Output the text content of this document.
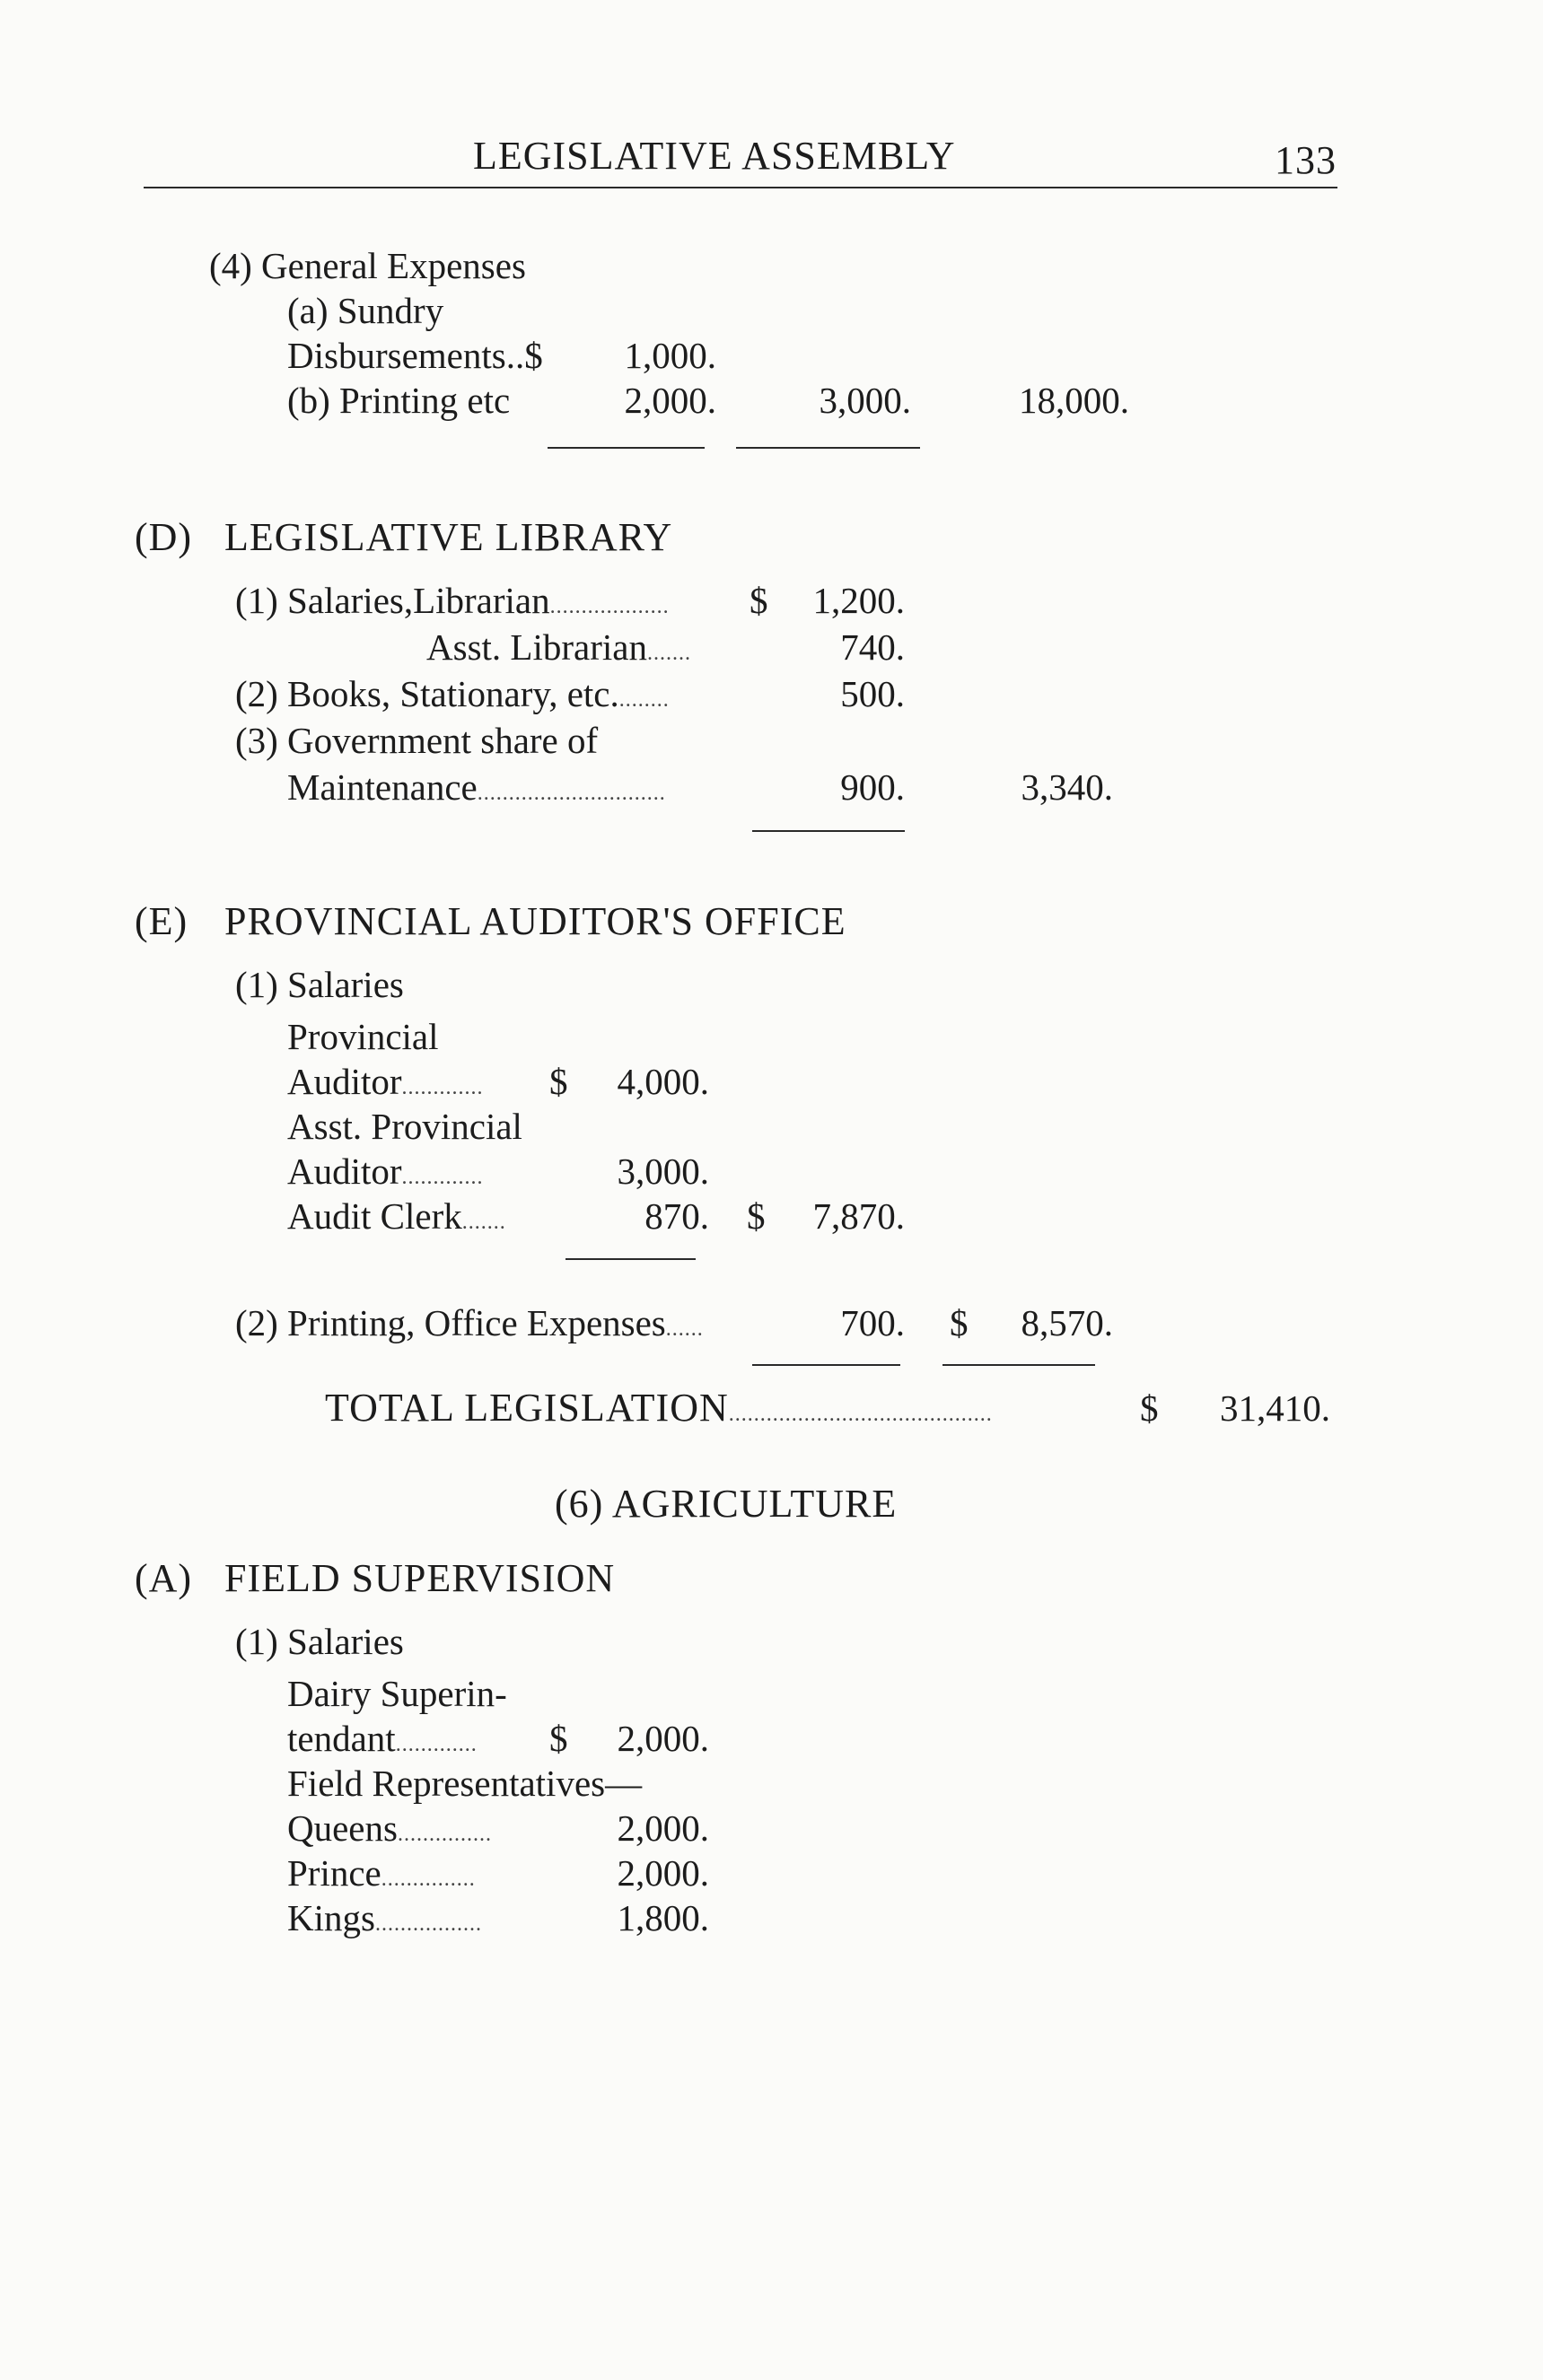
LEGISLATIVE ASSEMBLY	133
(4) General Expenses
(a) Sundry
Disbursements..$	1,000.
(b) Printing etc	2,000.	3,000.	18,000.
(D) LEGISLATIVE LIBRARY
(1) Salaries,Librarian................... $	1,200.
Asst. Librarian.......	740.
(2) Books, Stationary, etc.........	500.
(3) Government share of
Maintenance..............................	900.	3,340.
(E) PROVINCIAL AUDITOR'S OFFICE
(1) Salaries
Provincial
Auditor............. $	4,000.
Asst. Provincial
Auditor.............	3,000.
Audit Clerk.......	870. $	7,870.
(2) Printing, Office Expenses......	700. $	8,570.
TOTAL LEGISLATION..........................................	$	31,410.
(6) AGRICULTURE
(A) FIELD SUPERVISION
(1) Salaries
Dairy Superin-
tendant............. $	2,000.
Field Representatives—
Queens...............	2,000.
Prince...............	2,000.
Kings.................	1,800.
